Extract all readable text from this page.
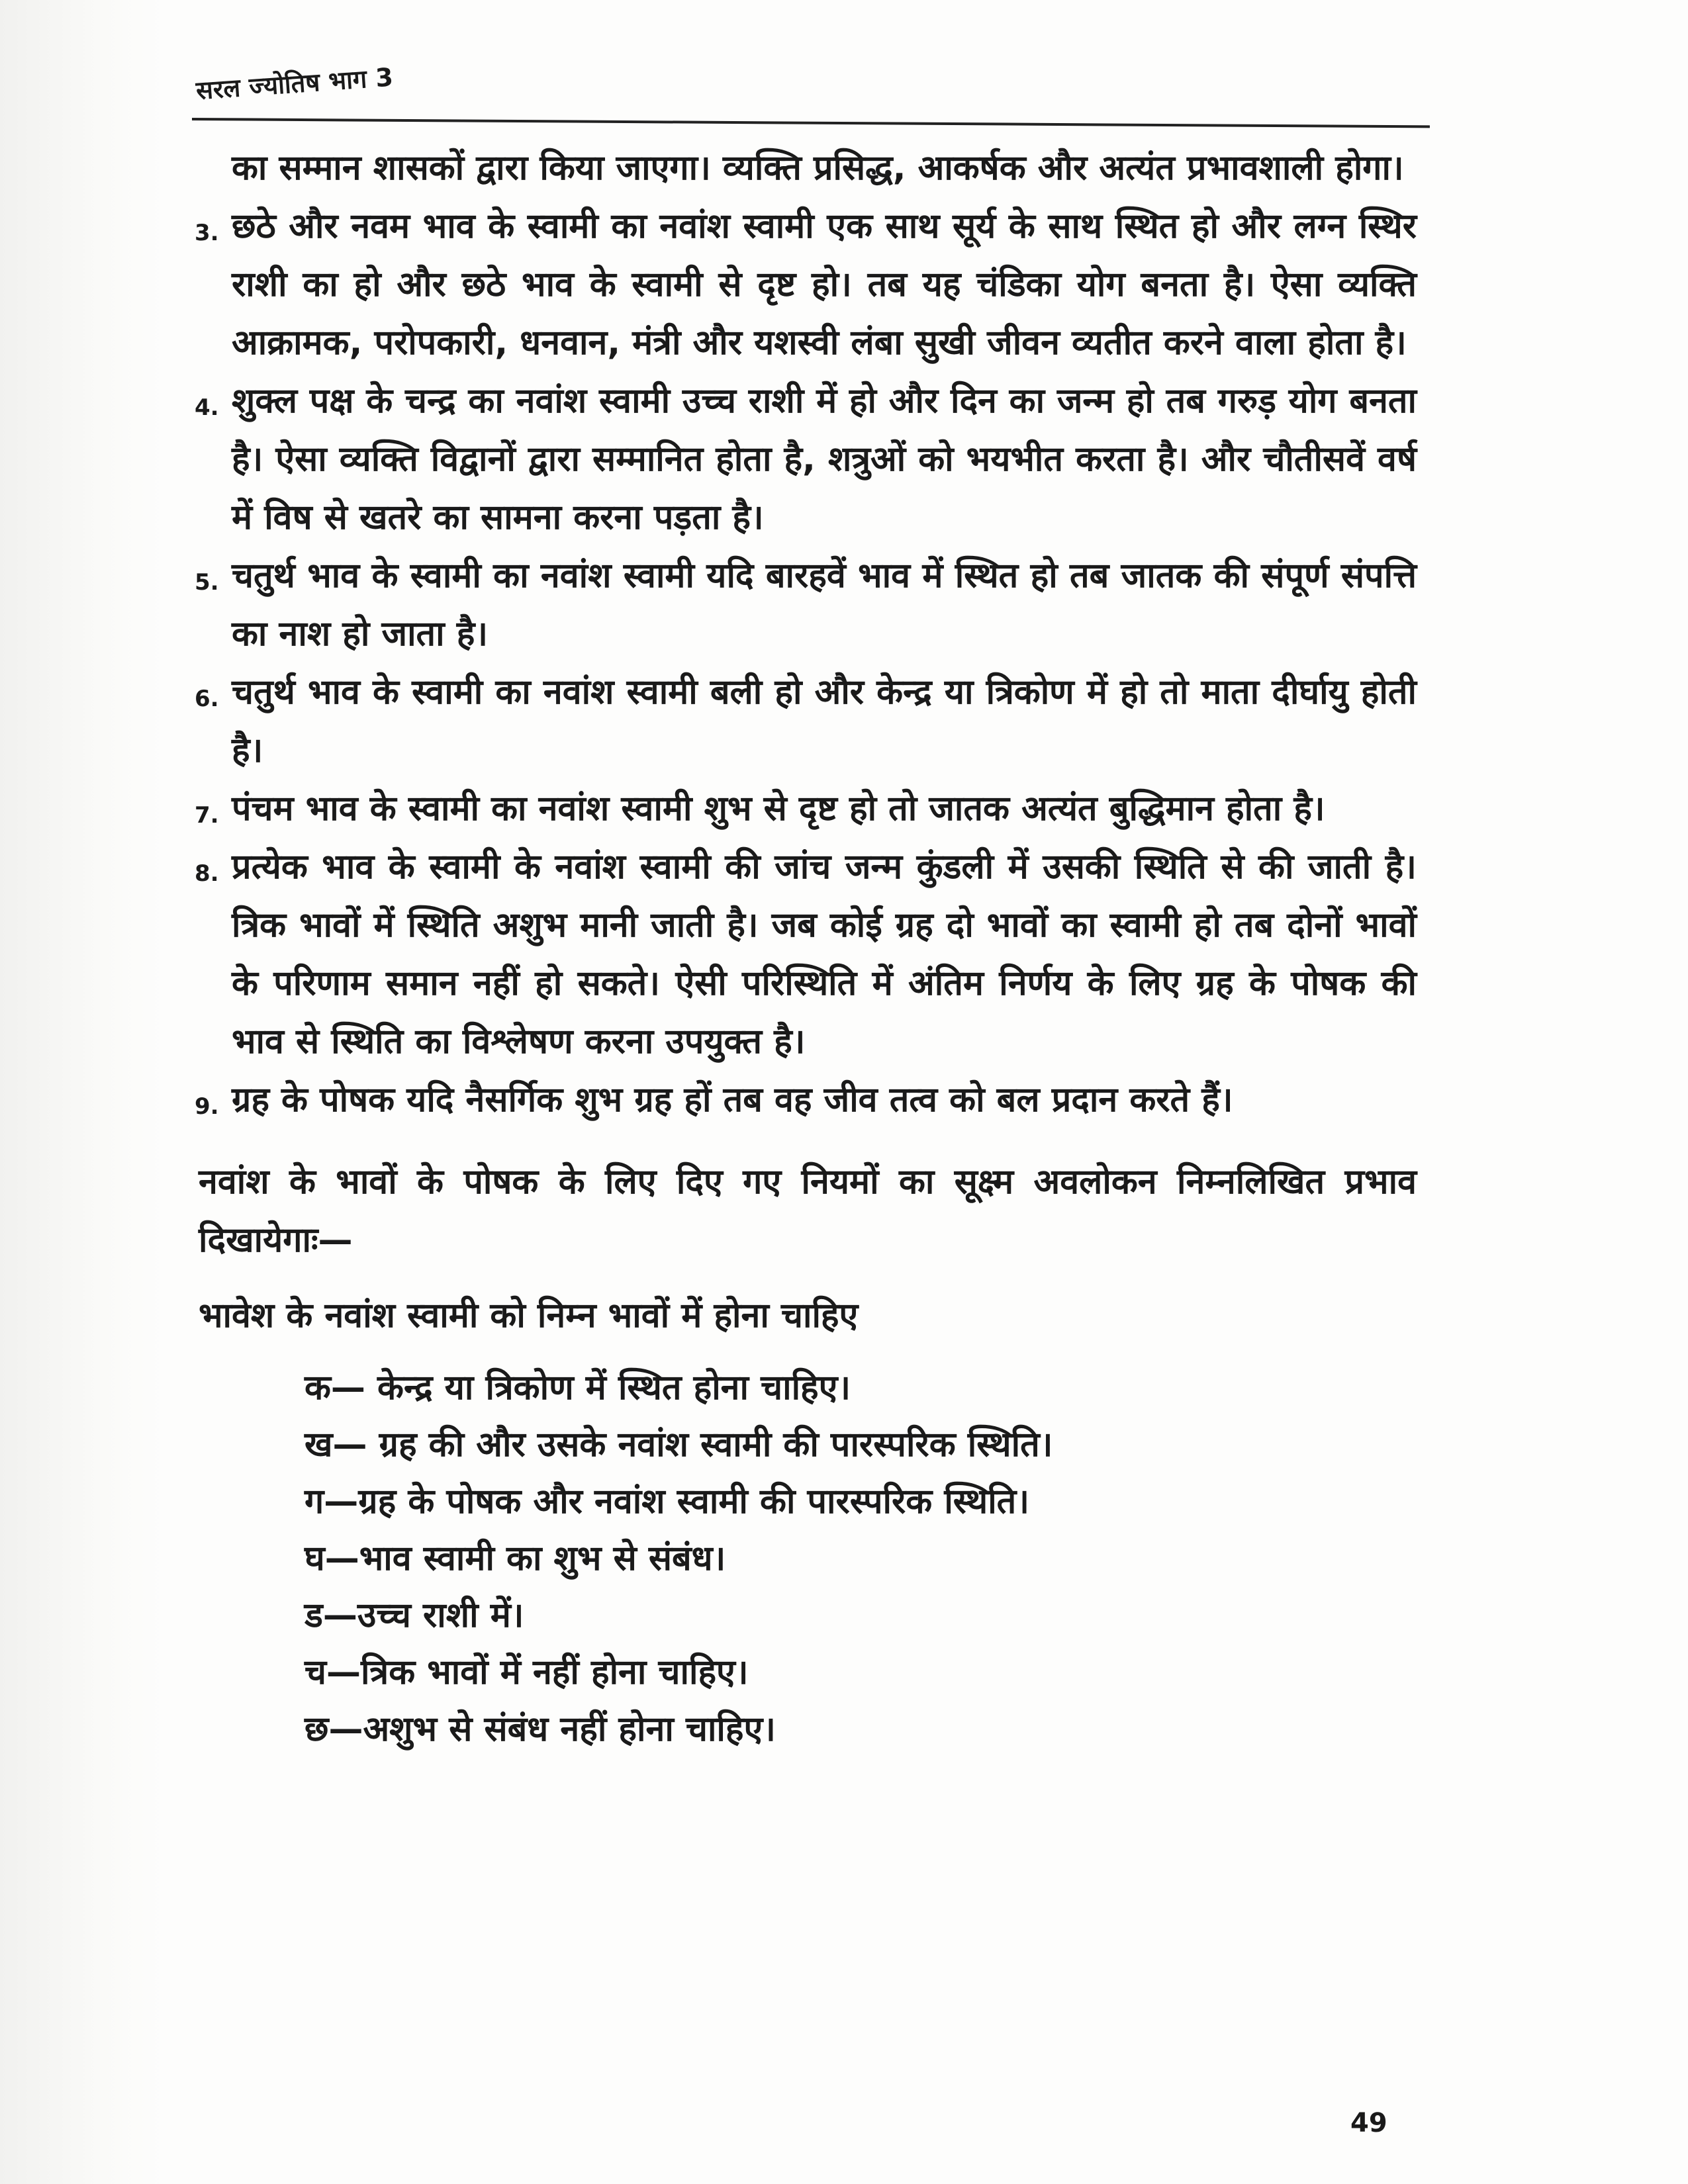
सरल ज्योतिष भाग 3

का सम्मान शासकों द्वारा किया जाएगा। व्यक्ति प्रसिद्ध, आकर्षक और अत्यंत प्रभावशाली होगा।

3. छठे और नवम भाव के स्वामी का नवांश स्वामी एक साथ सूर्य के साथ स्थित हो और लग्न स्थिर राशी का हो और छठे भाव के स्वामी से दृष्ट हो। तब यह चंडिका योग बनता है। ऐसा व्यक्ति आक्रामक, परोपकारी, धनवान, मंत्री और यशस्वी लंबा सुखी जीवन व्यतीत करने वाला होता है।
4. शुक्ल पक्ष के चन्द्र का नवांश स्वामी उच्च राशी में हो और दिन का जन्म हो तब गरुड़ योग बनता है। ऐसा व्यक्ति विद्वानों द्वारा सम्मानित होता है, शत्रुओं को भयभीत करता है। और चौतीसवें वर्ष में विष से खतरे का सामना करना पड़ता है।
5. चतुर्थ भाव के स्वामी का नवांश स्वामी यदि बारहवें भाव में स्थित हो तब जातक की संपूर्ण संपत्ति का नाश हो जाता है।
6. चतुर्थ भाव के स्वामी का नवांश स्वामी बली हो और केन्द्र या त्रिकोण में हो तो माता दीर्घायु होती है।
7. पंचम भाव के स्वामी का नवांश स्वामी शुभ से दृष्ट हो तो जातक अत्यंत बुद्धिमान होता है।
8. प्रत्येक भाव के स्वामी के नवांश स्वामी की जांच जन्म कुंडली में उसकी स्थिति से की जाती है। त्रिक भावों में स्थिति अशुभ मानी जाती है। जब कोई ग्रह दो भावों का स्वामी हो तब दोनों भावों के परिणाम समान नहीं हो सकते। ऐसी परिस्थिति में अंतिम निर्णय के लिए ग्रह के पोषक की भाव से स्थिति का विश्लेषण करना उपयुक्त है।
9. ग्रह के पोषक यदि नैसर्गिक शुभ ग्रह हों तब वह जीव तत्व को बल प्रदान करते हैं।

नवांश के भावों के पोषक के लिए दिए गए नियमों का सूक्ष्म अवलोकन निम्नलिखित प्रभाव दिखायेगाः—

भावेश के नवांश स्वामी को निम्न भावों में होना चाहिए

क— केन्द्र या त्रिकोण में स्थित होना चाहिए।

ख— ग्रह की और उसके नवांश स्वामी की पारस्परिक स्थिति।

ग—ग्रह के पोषक और नवांश स्वामी की पारस्परिक स्थिति।

घ—भाव स्वामी का शुभ से संबंध।

ड—उच्च राशी में।

च—त्रिक भावों में नहीं होना चाहिए।

छ—अशुभ से संबंध नहीं होना चाहिए।

49
